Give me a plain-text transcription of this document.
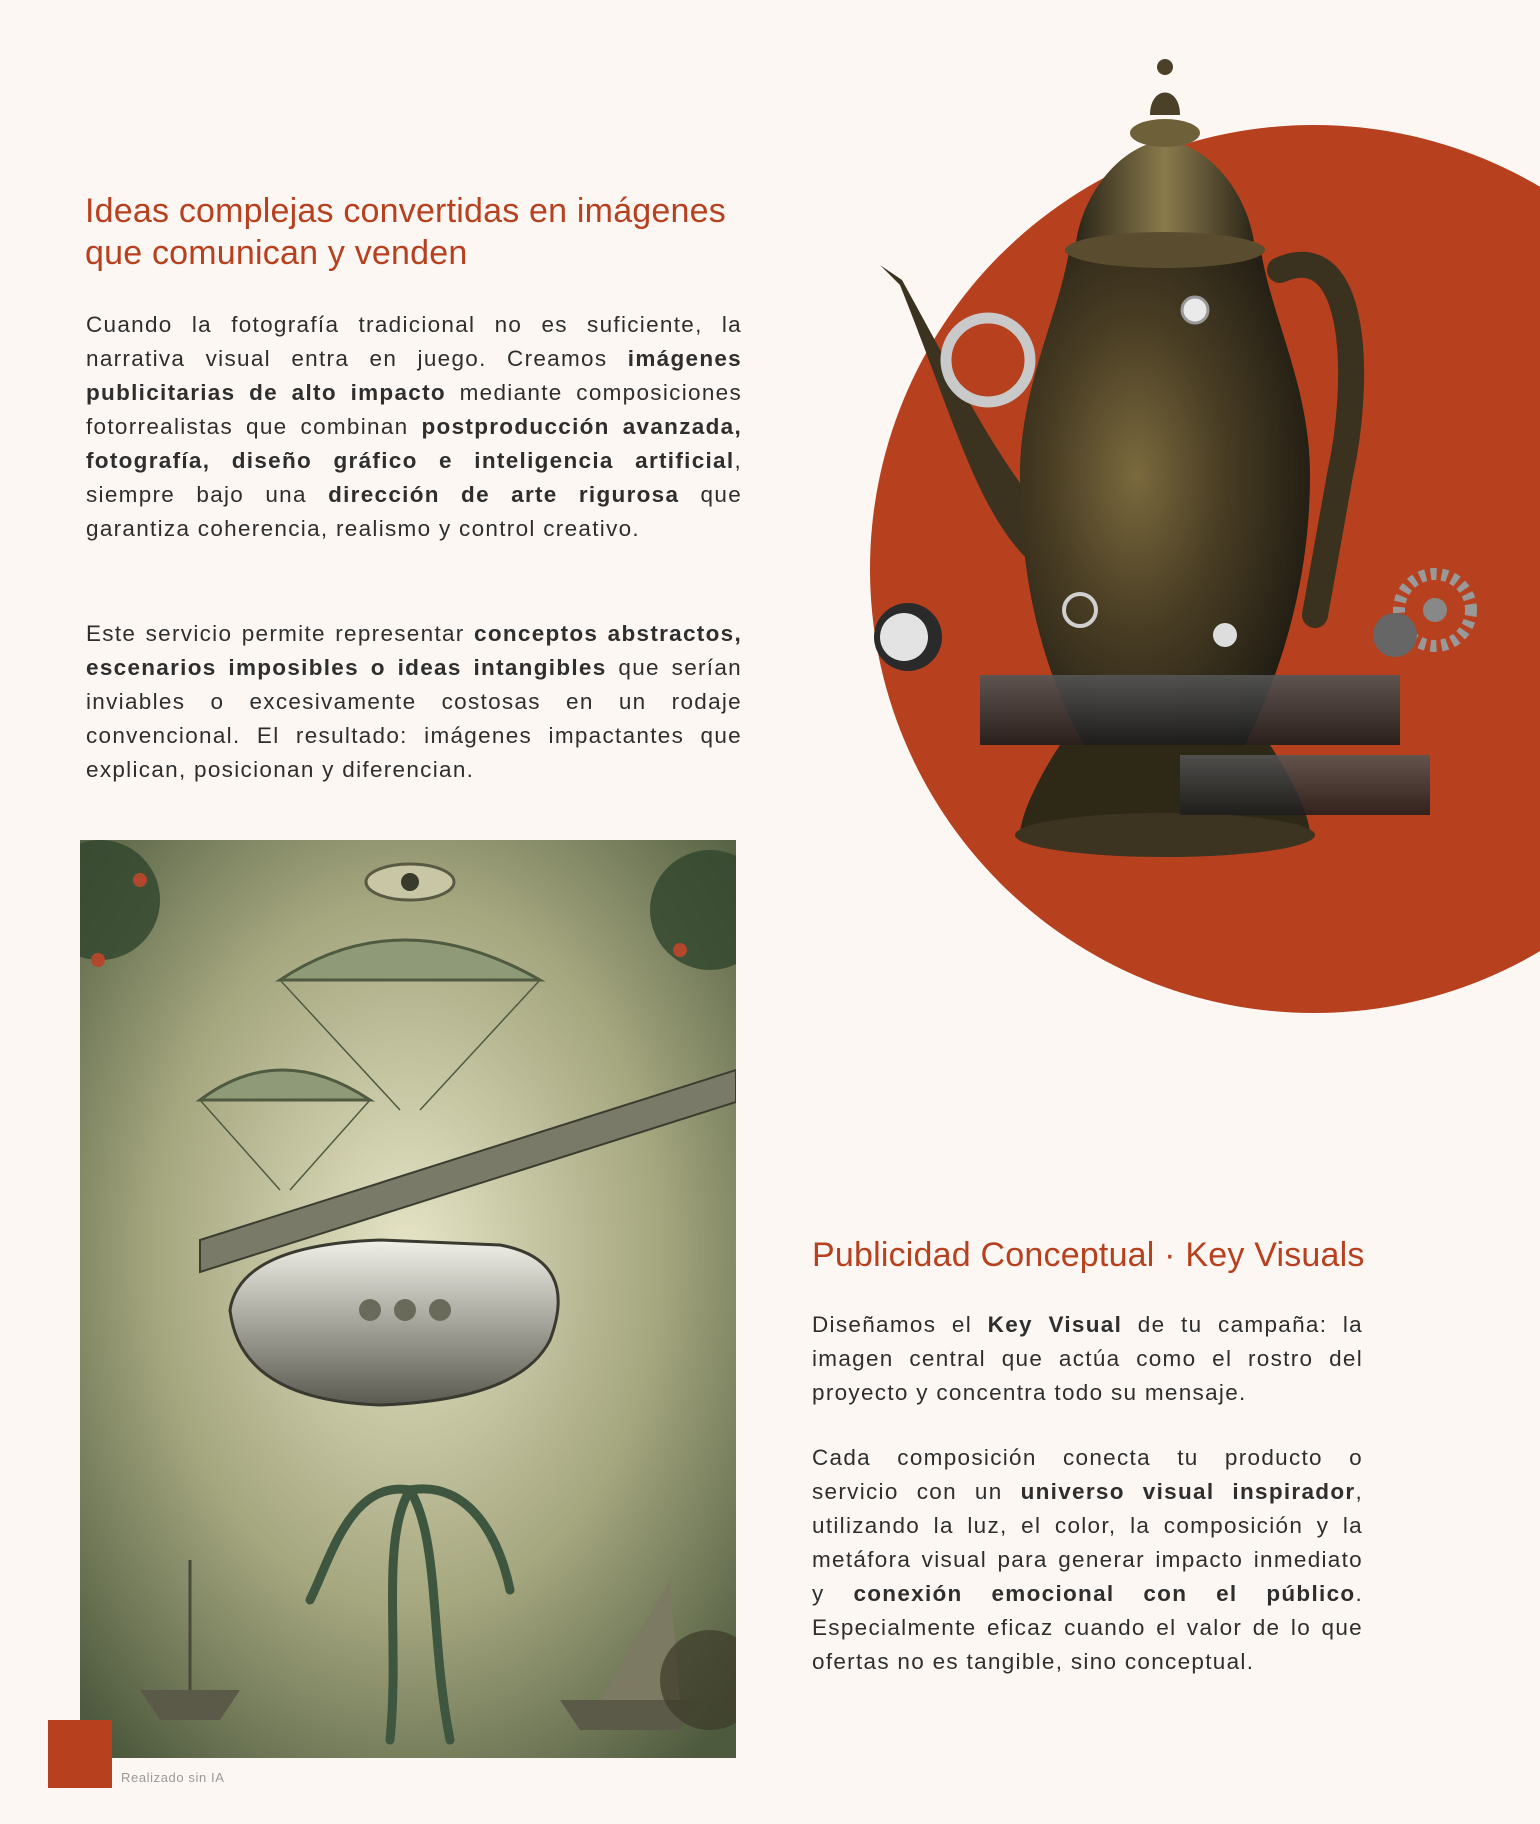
Ideas complejas convertidas en imágenes
que comunican y venden

Cuando la fotografía tradicional no es suficiente, la narrativa visual entra en juego. Creamos imágenes publicitarias de alto impacto mediante composiciones fotorrealistas que combinan postproducción avanzada, fotografía, diseño gráfico e inteligencia artificial, siempre bajo una dirección de arte rigurosa que garantiza coherencia, realismo y control creativo.

Este servicio permite representar conceptos abstractos, escenarios imposibles o ideas intangibles que serían inviables o excesivamente costosas en un rodaje convencional. El resultado: imágenes impactantes que explican, posicionan y diferencian.

Publicidad Conceptual · Key Visuals

Diseñamos el Key Visual de tu campaña: la imagen central que actúa como el rostro del proyecto y concentra todo su mensaje.

Cada composición conecta tu producto o servicio con un universo visual inspirador, utilizando la luz, el color, la composición y la metáfora visual para generar impacto inmediato y conexión emocional con el público. Especialmente eficaz cuando el valor de lo que ofertas no es tangible, sino conceptual.

Realizado sin IA
